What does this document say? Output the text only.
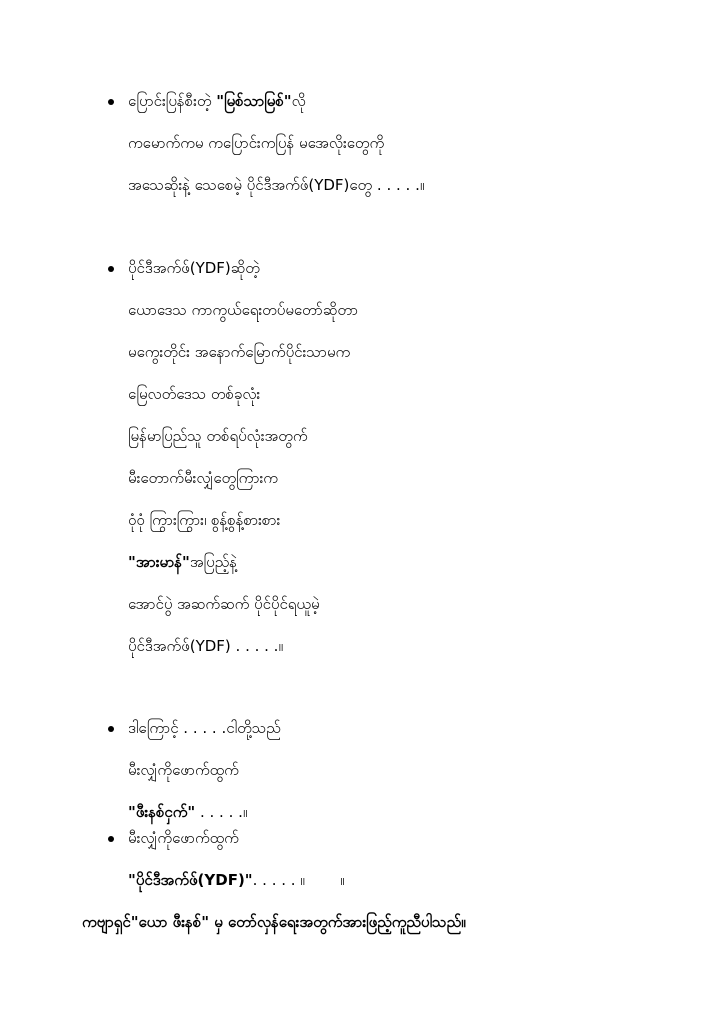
ပြောင်းပြန်စီးတဲ့ "မြစ်သာမြစ်"လို
ကမောက်ကမ ကပြောင်းကပြန် မအေလိုးတွေကို
အသေဆိုးနဲ့ သေစေမဲ့ ပိုင်ဒီအက်ဖ်(YDF)တွေ . . . . .။
ပိုင်ဒီအက်ဖ်(YDF)ဆိုတဲ့
ယောဒေသ ကာကွယ်ရေးတပ်မတော်ဆိုတာ
မကွေးတိုင်း အနောက်မြောက်ပိုင်းသာမက
မြေလတ်ဒေသ တစ်ခုလုံး
မြန်မာပြည်သူ တစ်ရပ်လုံးအတွက်
မီးတောက်မီးလျှံတွေကြားက
ဝုံဝုံ ကြွားကြွား၊ စွန့်စွန့်စားစား
"အားမာန်"အပြည့်နဲ့
အောင်ပွဲ အဆက်ဆက် ပိုင်ပိုင်ရယူမဲ့
ပိုင်ဒီအက်ဖ်(YDF) . . . . .။
ဒါကြောင့် . . . . .ငါတို့သည်
မီးလျှံကိုဖောက်ထွက်
"ဖီးနစ်ငှက်" . . . . .။
မီးလျှံကိုဖောက်ထွက်
"ပိုင်ဒီအက်ဖ်(YDF)". . . . . ။ ။
ကဗျာရှင်"ယော ဖီးနစ်" မှ တော်လှန်ရေးအတွက်အားဖြည့်ကူညီပါသည်။
